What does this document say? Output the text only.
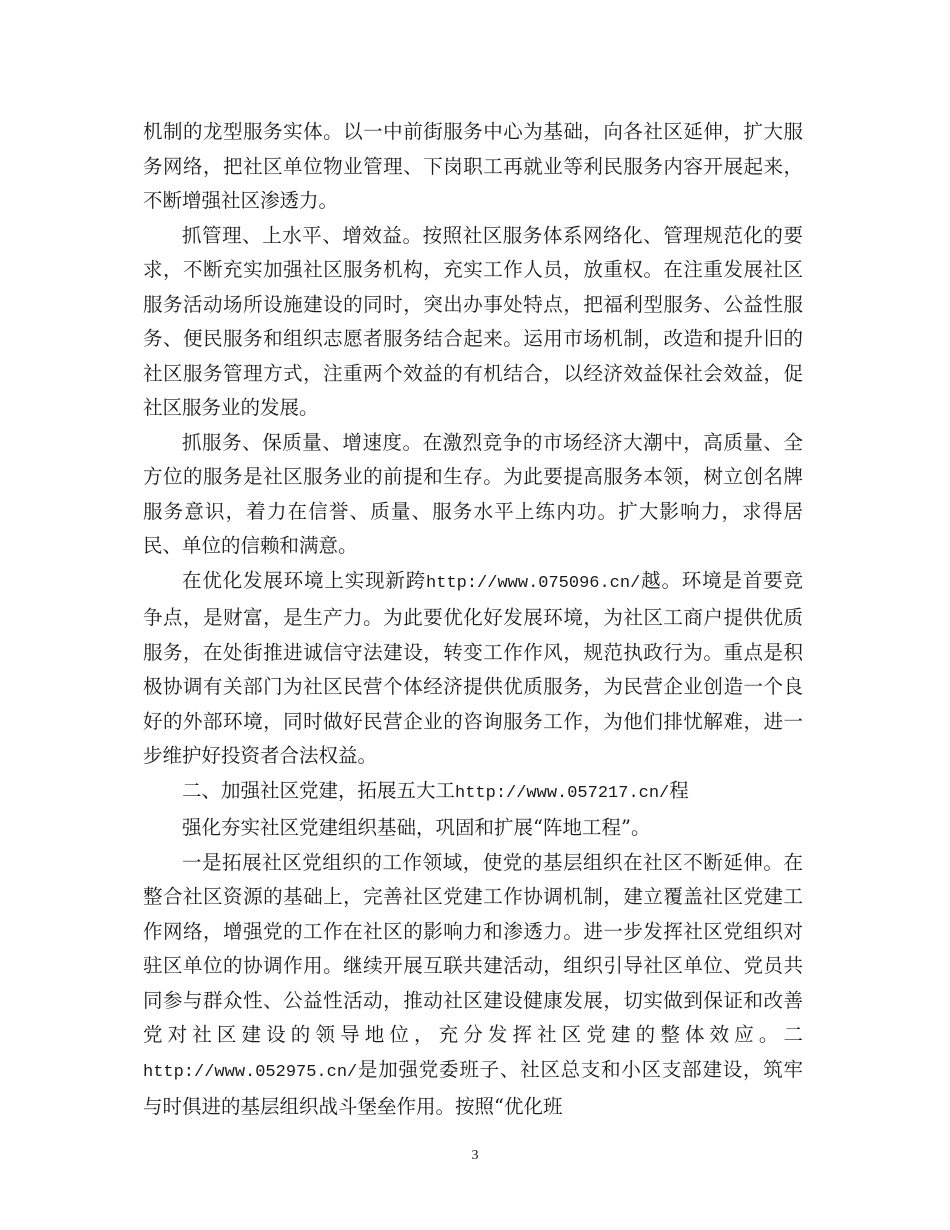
机制的龙型服务实体。以一中前街服务中心为基础，向各社区延伸，扩大服务网络，把社区单位物业管理、下岗职工再就业等利民服务内容开展起来，不断增强社区渗透力。

抓管理、上水平、增效益。按照社区服务体系网络化、管理规范化的要求，不断充实加强社区服务机构，充实工作人员，放重权。在注重发展社区服务活动场所设施建设的同时，突出办事处特点，把福利型服务、公益性服务、便民服务和组织志愿者服务结合起来。运用市场机制，改造和提升旧的社区服务管理方式，注重两个效益的有机结合，以经济效益保社会效益，促社区服务业的发展。

抓服务、保质量、增速度。在激烈竞争的市场经济大潮中，高质量、全方位的服务是社区服务业的前提和生存。为此要提高服务本领，树立创名牌服务意识，着力在信誉、质量、服务水平上练内功。扩大影响力，求得居民、单位的信赖和满意。

在优化发展环境上实现新跨http://www.075096.cn/越。环境是首要竞争点，是财富，是生产力。为此要优化好发展环境，为社区工商户提供优质服务，在处街推进诚信守法建设，转变工作作风，规范执政行为。重点是积极协调有关部门为社区民营个体经济提供优质服务，为民营企业创造一个良好的外部环境，同时做好民营企业的咨询服务工作，为他们排忧解难，进一步维护好投资者合法权益。

二、加强社区党建，拓展五大工http://www.057217.cn/程

强化夯实社区党建组织基础，巩固和扩展“阵地工程”。

一是拓展社区党组织的工作领域，使党的基层组织在社区不断延伸。在整合社区资源的基础上，完善社区党建工作协调机制，建立覆盖社区党建工作网络，增强党的工作在社区的影响力和渗透力。进一步发挥社区党组织对驻区单位的协调作用。继续开展互联共建活动，组织引导社区单位、党员共同参与群众性、公益性活动，推动社区建设健康发展，切实做到保证和改善党对社区建设的领导地位，充分发挥社区党建的整体效应。二http://www.052975.cn/是加强党委班子、社区总支和小区支部建设，筑牢与时俱进的基层组织战斗堡垒作用。按照“优化班

3
